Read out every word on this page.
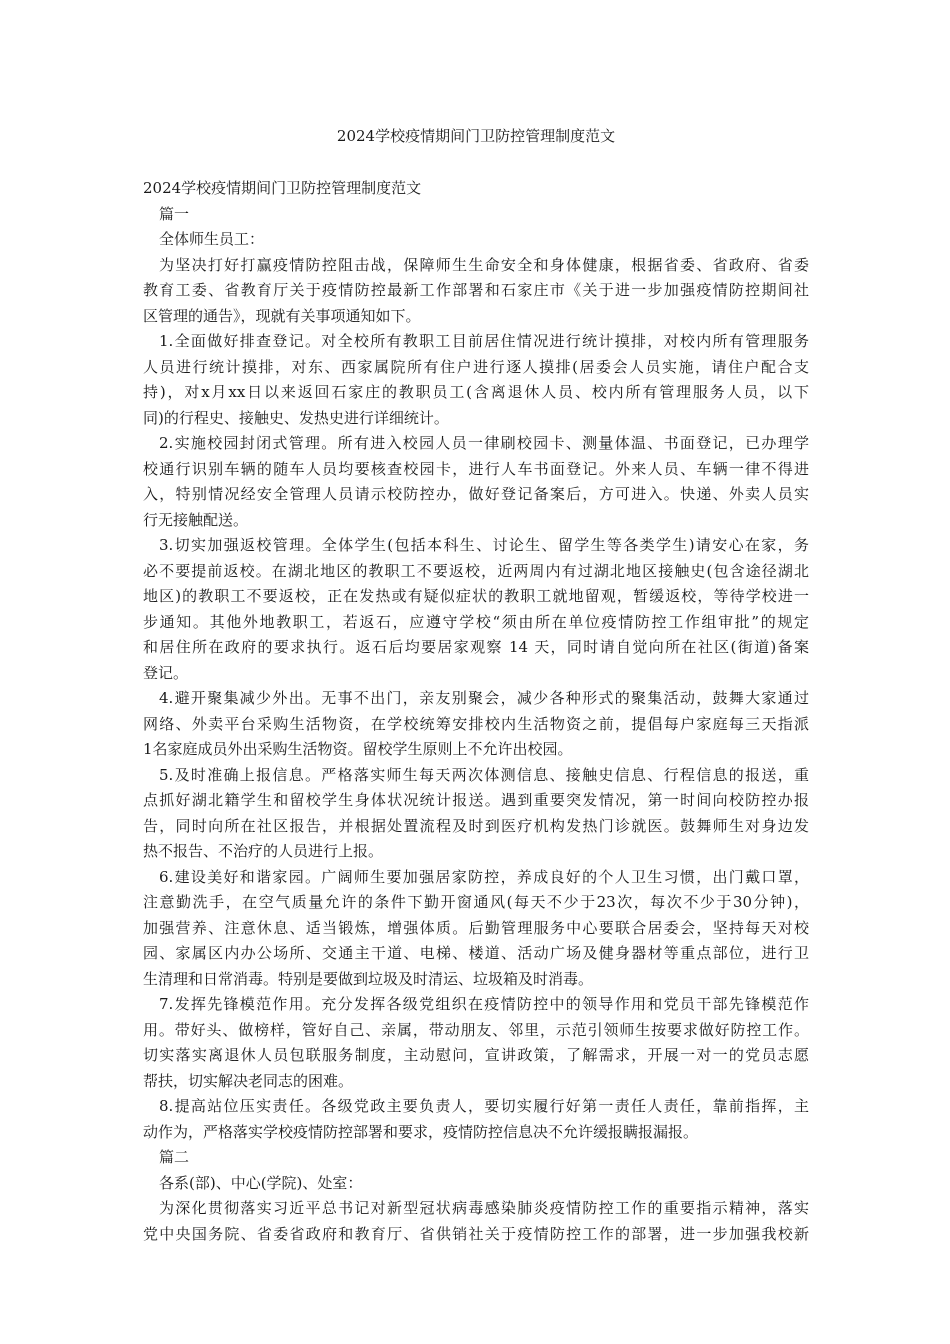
2024学校疫情期间门卫防控管理制度范文
2024学校疫情期间门卫防控管理制度范文
篇一
全体师生员工：
为坚决打好打赢疫情防控阻击战，保障师生生命安全和身体健康，根据省委、省政府、省委
教育工委、省教育厅关于疫情防控最新工作部署和石家庄市《关于进一步加强疫情防控期间社
区管理的通告》，现就有关事项通知如下。
1.全面做好排查登记。对全校所有教职工目前居住情况进行统计摸排，对校内所有管理服务
人员进行统计摸排，对东、西家属院所有住户进行逐人摸排(居委会人员实施，请住户配合支
持)，对x月xx日以来返回石家庄的教职员工(含离退休人员、校内所有管理服务人员，以下
同)的行程史、接触史、发热史进行详细统计。
2.实施校园封闭式管理。所有进入校园人员一律刷校园卡、测量体温、书面登记，已办理学
校通行识别车辆的随车人员均要核查校园卡，进行人车书面登记。外来人员、车辆一律不得进
入，特别情况经安全管理人员请示校防控办，做好登记备案后，方可进入。快递、外卖人员实
行无接触配送。
3.切实加强返校管理。全体学生(包括本科生、讨论生、留学生等各类学生)请安心在家，务
必不要提前返校。在湖北地区的教职工不要返校，近两周内有过湖北地区接触史(包含途径湖北
地区)的教职工不要返校，正在发热或有疑似症状的教职工就地留观，暂缓返校，等待学校进一
步通知。其他外地教职工，若返石，应遵守学校“须由所在单位疫情防控工作组审批”的规定
和居住所在政府的要求执行。返石后均要居家观察 14 天，同时请自觉向所在社区(街道)备案
登记。
4.避开聚集减少外出。无事不出门，亲友别聚会，减少各种形式的聚集活动，鼓舞大家通过
网络、外卖平台采购生活物资，在学校统筹安排校内生活物资之前，提倡每户家庭每三天指派
1名家庭成员外出采购生活物资。留校学生原则上不允许出校园。
5.及时准确上报信息。严格落实师生每天两次体测信息、接触史信息、行程信息的报送，重
点抓好湖北籍学生和留校学生身体状况统计报送。遇到重要突发情况，第一时间向校防控办报
告，同时向所在社区报告，并根据处置流程及时到医疗机构发热门诊就医。鼓舞师生对身边发
热不报告、不治疗的人员进行上报。
6.建设美好和谐家园。广阔师生要加强居家防控，养成良好的个人卫生习惯，出门戴口罩，
注意勤洗手，在空气质量允许的条件下勤开窗通风(每天不少于23次，每次不少于30分钟)，
加强营养、注意休息、适当锻炼，增强体质。后勤管理服务中心要联合居委会，坚持每天对校
园、家属区内办公场所、交通主干道、电梯、楼道、活动广场及健身器材等重点部位，进行卫
生清理和日常消毒。特别是要做到垃圾及时清运、垃圾箱及时消毒。
7.发挥先锋模范作用。充分发挥各级党组织在疫情防控中的领导作用和党员干部先锋模范作
用。带好头、做榜样，管好自己、亲属，带动朋友、邻里，示范引领师生按要求做好防控工作。
切实落实离退休人员包联服务制度，主动慰问，宣讲政策，了解需求，开展一对一的党员志愿
帮扶，切实解决老同志的困难。
8.提高站位压实责任。各级党政主要负责人，要切实履行好第一责任人责任，靠前指挥，主
动作为，严格落实学校疫情防控部署和要求，疫情防控信息决不允许缓报瞒报漏报。
篇二
各系(部)、中心(学院)、处室：
为深化贯彻落实习近平总书记对新型冠状病毒感染肺炎疫情防控工作的重要指示精神，落实
党中央国务院、省委省政府和教育厅、省供销社关于疫情防控工作的部署，进一步加强我校新
